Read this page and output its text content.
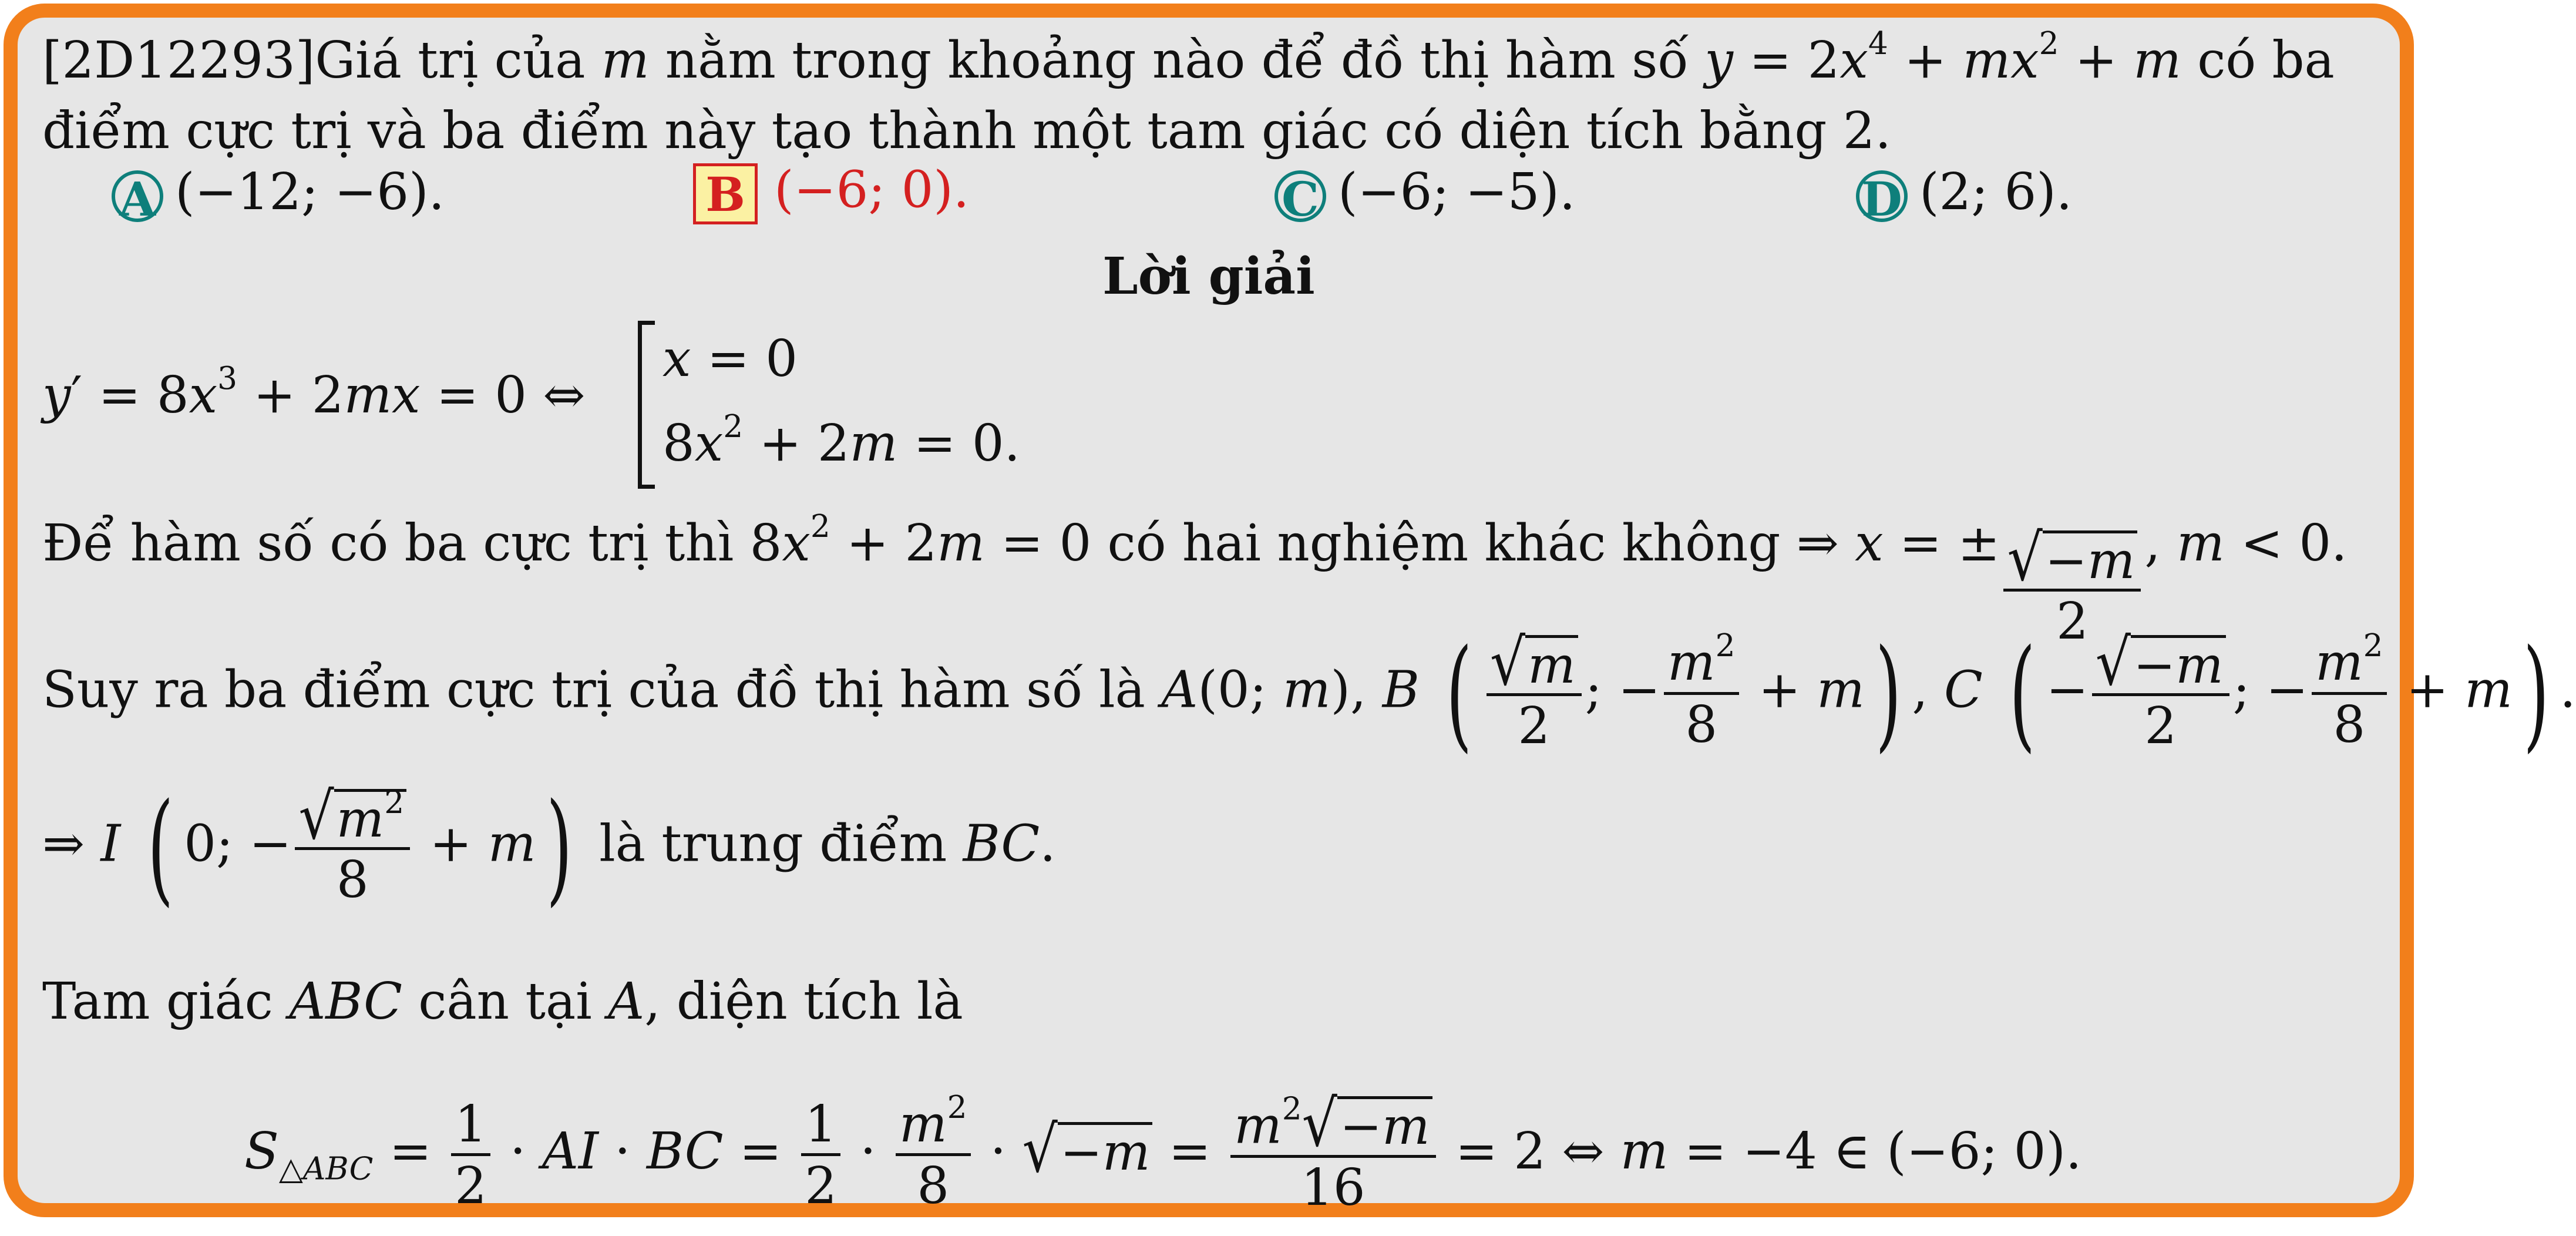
[2D12293]Giá trị của m nằm trong khoảng nào để đồ thị hàm số $y = 2x^4 + mx^2 + m$ có ba
điểm cực trị và ba điểm này tạo thành một tam giác có diện tích bằng 2.
A (−12; −6).	B (−6; 0).	C (−6; −5).	D (2; 6).
Lời giải
$y' = 8x^3 + 2mx = 0$ ⇔
x = 0
$8x^2 + 2m = 0$.
Để hàm số có ba cực trị thì $8x^2 + 2m = 0$ có hai nghiệm khác không ⇒ x = ± $\frac{√ -m}{2}$ , m < 0.
Suy ra ba điểm cực trị của đồ thị hàm số là A(0; m), B ( $\frac{√ m}{2}$ ; − $\frac{m^2}{8} + m$) , C ( − $\frac{√ -m}{2}$ ; − $\frac{m^2}{8} + m$) .
⇒ I ( 0; − $\frac{√ m^2}{8} + m$) là trung điểm BC.
Tam giác ABC cân tại A, diện tích là
$S_{\triangle ABC} = \frac{1}{2}$ · AI · BC = $\frac{1}{2} \cdot \frac{m^2}{8}$ · √ $-m = \frac{m^2 √ -m}{16} = 2$ ⇔ m = −4 ∈ (−6; 0).
